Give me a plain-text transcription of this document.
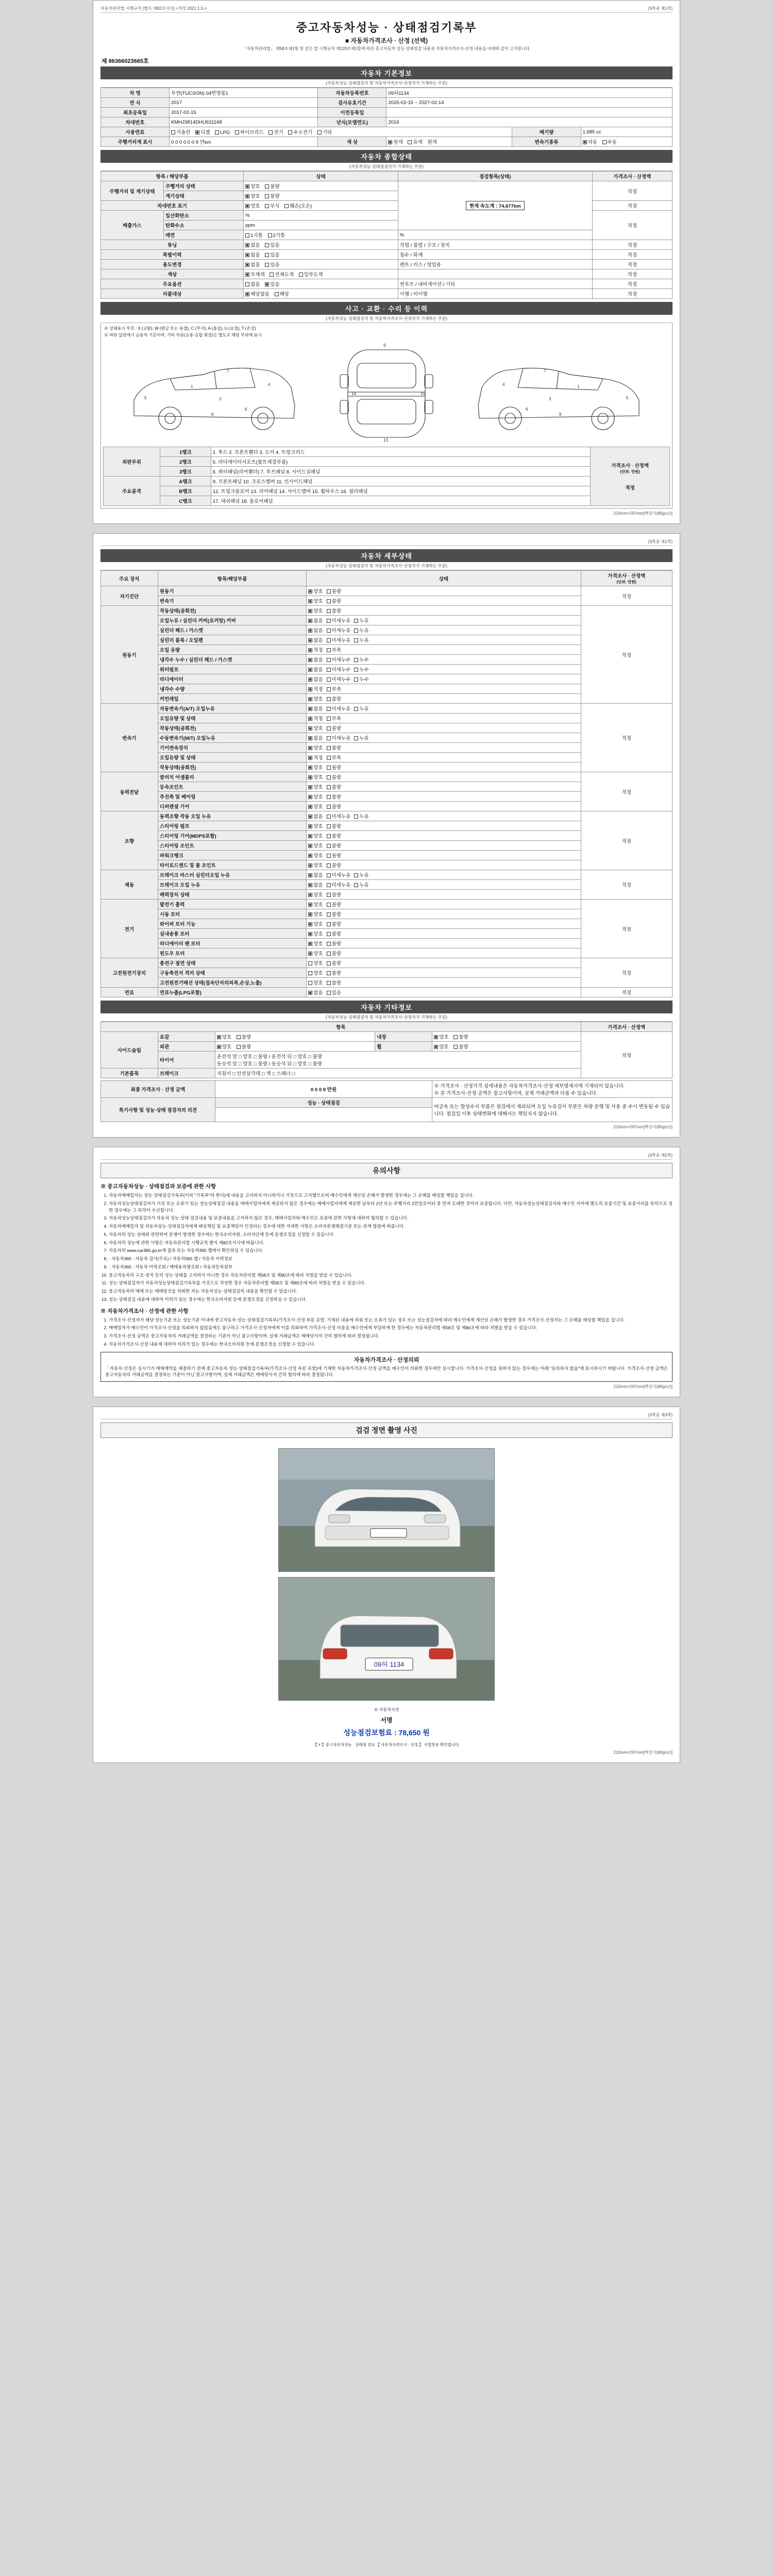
자동차관리법 시행규칙 [별지 제82호서식] <개정 2021.1.5.>	(3쪽중 제1쪽)
중고자동차성능 · 상태점검기록부
■ 자동차가격조사 · 산정 (선택)
「자동차관리법」 제58조제1항 및 같은 법 시행규칙 제120조제1항에 따른 중고자동차 성능·상태점검 내용과 자동차가격조사·산정 내용을 아래와 같이 고지합니다.
제 86366023665호
자동차 기본정보
(자동차성능·상태점검자 및 자동차가격조사·산정자가 기재하는 부분)
차 명	투싼(TUCSON) 04번영물1	자동차등록번호	09허1134		
연 식	2017	검사유효기간	2025-02-15 ~ 2027-02-14		
최초등록일	2017-02-15	이전등록일			
차대번호	KMHJ3814DHU631168	년식(모델연도)	2016		
사용연료	가솔린 디젤 LPG 하이브리드 전기 수소전기 기타			배기량	1,685 cc
주행거리계 표시	0 0 0 0 0 0 9 만km	색 상	원색 유색 흰색	변속기종류	자동 수동
자동차 종합상태
(자동차성능·상태점검자가 기재하는 부분)
항목 / 해당부품		상태	점검항목(상태)	가격조사 · 산정액
주행거리 및 계기상태	주행거리 상태	양호 불량	현재 속도계 : 74,677km	적정
	계기상태	양호 불량		
차대번호 표기		양호 부식 훼손(오손)		적정
배출가스	일산화탄소	%		적정
	탄화수소	ppm		
	매연	1기통 2기통	%	
튜닝		없음 있음	적법 / 불법 / 구조 / 장치	적정
특별이력		없음 있음	침수 / 화재	적정
용도변경		없음 있음	렌트 / 리스 / 영업용	적정
색상		무채색 전체도색 일부도색		적정
주요옵션		없음 있음	썬루프 / 내비게이션 / 기타	적정
리콜대상		해당없음 해당	이행 / 미이행	적정
사고 · 교환 · 수리 등 이력
(자동차성능·상태점검자 및 자동차가격조사·산정자가 기재하는 부분)
※ 상태표시 부호 : X (교환), W (판금 또는 용접), C (부식), A (흠집), U (요철), T (손상)
※ 하단 일람에서 승용차 기준이며, 기타 차종(승용·승합·화물)은 별도로 해당 부위에 표시
1
3
4
5
6
7
8
9
13
14	15
1
3
4
5
6
7
8
외판부위	1랭크	1. 후드 2. 프론트휀더 3. 도어 4. 트렁크리드	가격조사 · 산정액
(단위: 만원)
적정

	2랭크	5. 라디에이터서포트(볼트체결부품)	
	3랭크	6. 쿼터패널(리어휀더) 7. 루프패널 8. 사이드실패널	
주요골격	A랭크	9. 프론트패널 10. 크로스멤버 11. 인사이드패널	
	B랭크	12. 트렁크플로어 13. 리어패널 14. 사이드멤버 15. 휠하우스 16. 필러패널	
	C랭크	17. 대쉬패널 18. 플로어패널	
210mm×297mm[백상지(80g/㎡)]
(3쪽중 제1쪽)
자동차 세부상태
(자동차성능·상태점검자 및 자동차가격조사·산정자가 기재하는 부분)
주요 장치	항목/해당부품	상태	가격조사 · 산정액
(단위: 만원)

자기진단	원동기	양호 불량	적정
	변속기	양호 불량	
원동기	작동상태(공회전)	양호 불량	적정
	오일누유 / 실린더 커버(로커암) 커버	없음 미세누유 누유	
	실린더 헤드 / 가스켓	없음 미세누유 누유	
	실린더 블록 / 오일팬	없음 미세누유 누유	
	오일 유량	적정 부족	
	냉각수 누수 / 실린더 헤드 / 가스켓	없음 미세누수 누수	
	워터펌프	없음 미세누수 누수	
	라디에이터	없음 미세누수 누수	
	냉각수 수량	적정 부족	
	커먼레일	양호 불량	
변속기	자동변속기(A/T) 오일누유	없음 미세누유 누유	적정
	오일유량 및 상태	적정 부족	
	작동상태(공회전)	양호 불량	
	수동변속기(M/T) 오일누유	없음 미세누유 누유	
	기어변속장치	양호 불량	
	오일유량 및 상태	적정 부족	
	작동상태(공회전)	양호 불량	
동력전달	클러치 어셈블리	양호 불량	적정
	등속조인트	양호 불량	
	추진축 및 베어링	양호 불량	
	디퍼렌셜 기어	양호 불량	
조향	동력조향 작동 오일 누유	없음 미세누유 누유	적정
	스티어링 펌프	양호 불량	
	스티어링 기어(MDPS포함)	양호 불량	
	스티어링 조인트	양호 불량	
	파워크랭크	양호 불량	
	타이로드엔드 및 볼 조인트	양호 불량	
제동	브레이크 마스터 실린더오일 누유	없음 미세누유 누유	적정
	브레이크 오일 누유	없음 미세누유 누유	
	배력장치 상태	양호 불량	
전기	발전기 출력	양호 불량	적정
	시동 모터	양호 불량	
	와이퍼 모터 기능	양호 불량	
	실내송풍 모터	양호 불량	
	라디에이터 팬 모터	양호 불량	
	윈도우 모터	양호 불량	
고전원전기장치	충전구 절연 상태	양호 불량	적정
	구동축전지 격리 상태	양호 불량	
	고전원전기배선 상태(접속단자의피복,손상,노출)	양호 불량	
연료	연료누출(LPG포함)	없음 있음	적정
자동차 기타정보
(자동차성능·상태점검자 및 자동차가격조사·산정자가 기재하는 부분)
항목					가격조사 · 산정액
사이드슬립	요갈	양호 불량	내장	양호 불량	적정
	외관	양호 불량	휠	양호 불량	
	타이어	운전석 앞 □ 양호 □ 불량 / 운전석 뒤 □ 양호 □ 불량
동승석 앞 □ 양호 □ 불량 / 동승석 뒤 □ 양호 □ 불량			

기본품목	브레이크	지침서 □ 안전삼각대 □ 잭 □ 스패너 □			
최종 가격조사 · 산정 금액	0 0 0 0 만원	※ 가격조사 · 산정가격 상세내용은 자동차가격조사·산정 세부명세서에 기재되어 있습니다.
※ 본 가격조사·산정 금액은 참고사항이며, 실제 거래금액과 다를 수 있습니다.

특기사항 및 성능·상태 점검자의 의견	성능 · 상태점검	비금속 또는 합성수지 부품은 점검에서 제외되며 오일 누유검사 부분은 차량 운행 및 사용 중 수시 변동될 수 있습니다. 점검일 이후 상태변화에 대해서는 책임지지 않습니다.

210mm×297mm[백상지(80g/㎡)]
(3쪽중 제2쪽)
유의사항
※ 중고자동차성능 · 상태점검과 보증에 관한 사항
1. 자동차매매업자는 성능·상태점검기록부(이하 "기록부"라 한다)에 내용을 고지하지 아니하거나 거짓으로 고지했으로써 매수인에게 재산상 손해가 발생한 경우에는 그 손해를 배상할 책임을 집니다.
2. 자동차성능상태점검자가 거짓 또는 오류가 있는 성능상태점검 내용을 매매사업자에게 제공하지 않은 경우에는 매매사업자에게 제공한 날부터 2년 또는 주행거리 2만킬로미터 중 먼저 도래한 것까지 보증합니다. 다만, 자동차성능상태점검자와 매수인 사이에 별도의 보증기간 및 보증거리를 특약으로 정한 경우에는 그 특약이 우선합니다.
3. 자동차성능상태점검자가 자동차 성능·상태 점검내용 및 보증내용을 고지하지 않은 경우, 매매사업자와 매수인은 보증에 관한 사항에 대하여 협의할 수 있습니다.
4. 자동차매매업자 및 자동차성능·상태점검자에게 배상책임 및 보증책임이 인정되는 경우에 대한 자세한 사항은 소비자분쟁해결기준 또는 관계 법령에 따릅니다.
5. 자동차의 성능·상태와 관련하여 분쟁이 발생한 경우에는 한국소비자원, 소비자단체 등에 분쟁조정을 신청할 수 있습니다.
6. 자동차의 성능에 관한 사항은 자동차관리법 시행규칙 별지 제82호서식에 따릅니다.
7. 자동차의 www.car365.go.kr에 접속 또는 자동차365 앱에서 확인하실 수 있습니다.
8. · 자동차365 : 자동차 검사(무료) / 자동차365 앱 / 자동차 이력정보
9. · 자동차365 : 자동차 이력조회 / 매매용차량조회 / 자동차등록원부
10. 중고자동차의 구조·장치 등의 성능·상태를 고지하지 아니한 경우 자동차관리법 제58조 및 제80조에 따라 처벌을 받을 수 있습니다.
11. 성능·상태점검자가 자동차성능상태점검기록부를 거짓으로 작성한 경우 자동차관리법 제58조 및 제80조에 따라 처벌을 받을 수 있습니다.
12. 중고자동차의 매매 또는 매매알선을 의뢰한 자는 자동차성능·상태점검의 내용을 확인할 수 있습니다.
13. 성능·상태점검 내용에 대하여 이의가 있는 경우에는 한국소비자원 등에 분쟁조정을 신청하실 수 있습니다.
※ 자동차가격조사 · 산정에 관한 사항
1. 가격조사·산정자가 해당 성능기준 또는 성능기준 이내에 중고자동차 성능·상태점검기록부(가격조사·산정 부분 포함, 기재된 내용에 허위 또는 오류가 있는 경우 또는 성능점검자에 따라 매수인에게 재산상 손해가 발생한 경우 가격조사·산정자는 그 손해를 배상할 책임을 집니다.
2. 매매업자가 매수인이 가격조사·산정을 의뢰하지 않았음에도 불구하고 가격조사·산정자에게 이를 의뢰하여 가격조사·산정 비용을 매수인에게 부담하게 한 경우에는 자동차관리법 제58조 및 제80조에 따라 처벌을 받을 수 있습니다.
3. 가격조사·산정 금액은 중고자동차의 거래금액을 결정하는 기준이 아닌 참고사항이며, 실제 거래금액은 매매당사자 간의 협의에 따라 결정됩니다.
4. 자동차가격조사·산정 내용에 대하여 이의가 있는 경우에는 한국소비자원 등에 분쟁조정을 신청할 수 있습니다.
자동차가격조사 · 산정의뢰
「자동차·산정은 실시기가 매매계약을 체결하기 전에 중고자동차 성능·상태점검기록부(가격조사·산정 부분 포함)에 기재한 자동차가격조사·산정 금액을 매수인이 의뢰한 경우에만 실시합니다. 가격조사·산정을 원하지 않는 경우에는 아래 "동의하지 않음"에 표시하시기 바랍니다. 가격조사·산정 금액은 중고자동차의 거래금액을 결정하는 기준이 아닌 참고사항이며, 실제 거래금액은 매매당사자 간의 협의에 따라 결정됩니다.
210mm×297mm[백상지(80g/㎡)]
(3쪽중 제3쪽)
검검 정면 촬영 사진
09허 1134
※ 자동차사진
서명
성능점검보험료 : 78,650 원
【 Y 】중고자동차성능 · 상태점 검표 【 자동차가격조사 · 산정 】 사업장용 확인법니다.
210mm×297mm[백상지(80g/㎡)]
